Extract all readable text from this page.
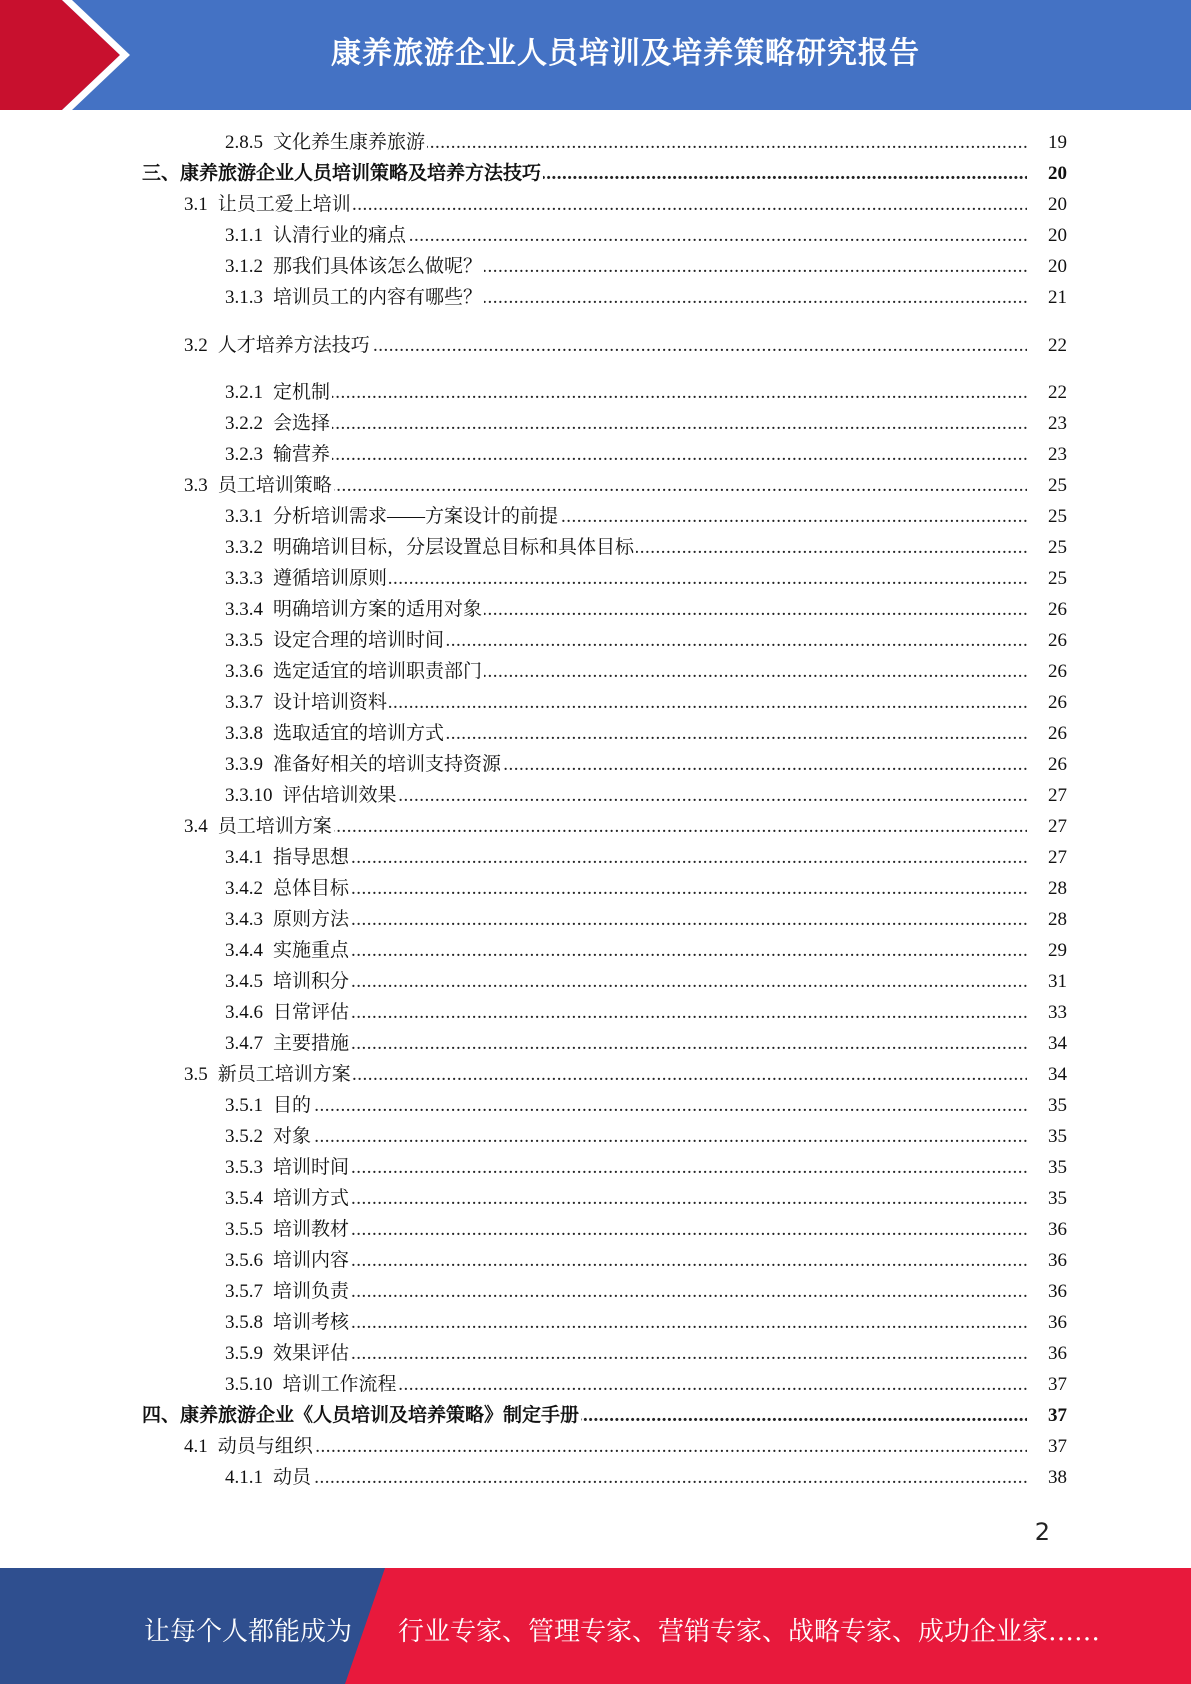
康养旅游企业人员培训及培养策略研究报告
.....
2.8.5 文化养生康养旅游	19
.....
三、康养旅游企业人员培训策略及培养方法技巧	20
.....
3.1 让员工爱上培训	20
.....
3.1.1 认清行业的痛点	20
.....
3.1.2 那我们具体该怎么做呢？	20
.....
3.1.3 培训员工的内容有哪些？	21
.....
3.2 人才培养方法技巧	22
.....
3.2.1 定机制	22
.....
3.2.2 会选择	23
.....
3.2.3 输营养	23
.....
3.3 员工培训策略	25
.....
3.3.1 分析培训需求——方案设计的前提	25
.....
3.3.2 明确培训目标，分层设置总目标和具体目标	25
.....
3.3.3 遵循培训原则	25
.....
3.3.4 明确培训方案的适用对象	26
.....
3.3.5 设定合理的培训时间	26
.....
3.3.6 选定适宜的培训职责部门	26
.....
3.3.7 设计培训资料	26
.....
3.3.8 选取适宜的培训方式	26
.....
3.3.9 准备好相关的培训支持资源	26
.....
3.3.10 评估培训效果	27
.....
3.4 员工培训方案	27
.....
3.4.1 指导思想	27
.....
3.4.2 总体目标	28
.....
3.4.3 原则方法	28
.....
3.4.4 实施重点	29
.....
3.4.5 培训积分	31
.....
3.4.6 日常评估	33
.....
3.4.7 主要措施	34
.....
3.5 新员工培训方案	34
.....
3.5.1 目的	35
.....
3.5.2 对象	35
.....
3.5.3 培训时间	35
.....
3.5.4 培训方式	35
.....
3.5.5 培训教材	36
.....
3.5.6 培训内容	36
.....
3.5.7 培训负责	36
.....
3.5.8 培训考核	36
.....
3.5.9 效果评估	36
.....
3.5.10 培训工作流程	37
.....
四、康养旅游企业《人员培训及培养策略》制定手册	37
.....
4.1 动员与组织	37
.....
4.1.1 动员	38
2
让每个人都能成为 行业专家、管理专家、营销专家、战略专家、成功企业家……
